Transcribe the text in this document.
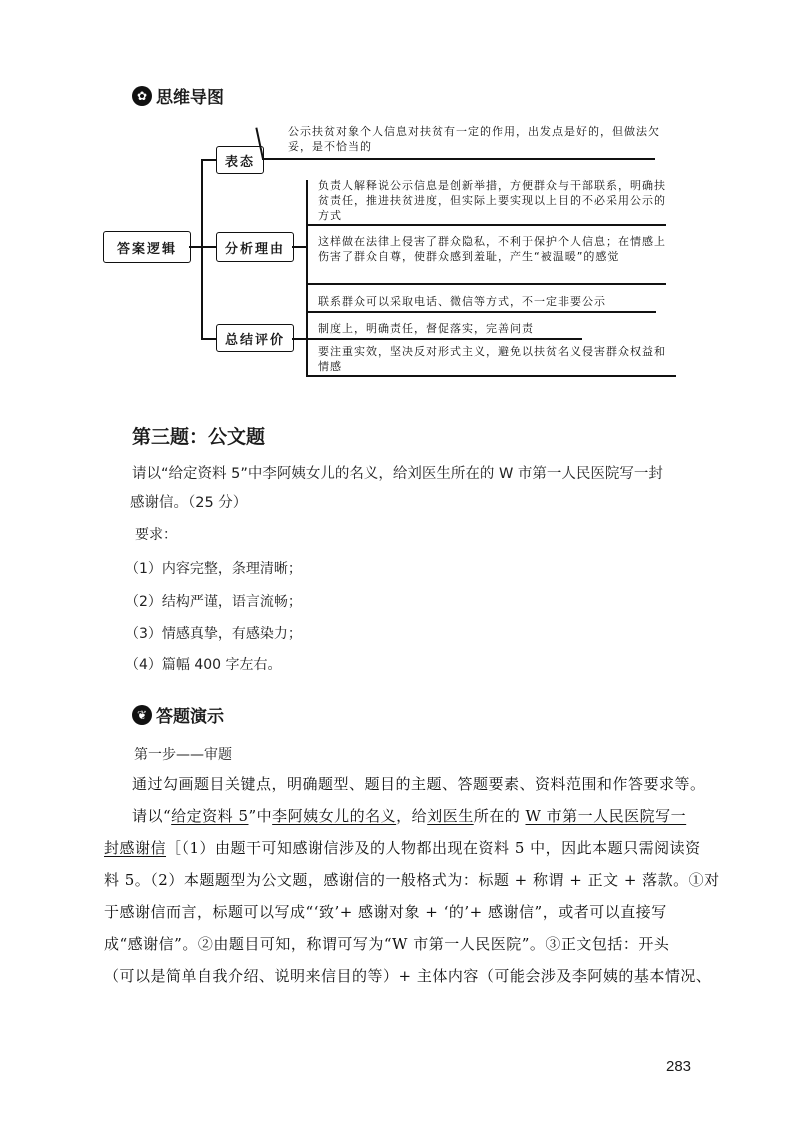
✿ 思维导图
答案逻辑
表态
分析理由
总结评价
公示扶贫对象个人信息对扶贫有一定的作用，出发点是好的，但做法欠妥，是不恰当的
负责人解释说公示信息是创新举措，方便群众与干部联系，明确扶贫责任，推进扶贫进度，但实际上要实现以上目的不必采用公示的方式
这样做在法律上侵害了群众隐私，不利于保护个人信息；在情感上伤害了群众自尊，使群众感到羞耻，产生“被温暖”的感觉
联系群众可以采取电话、微信等方式，不一定非要公示
制度上，明确责任，督促落实，完善问责
要注重实效，坚决反对形式主义，避免以扶贫名义侵害群众权益和情感
第三题：公文题
请以“给定资料 5”中李阿姨女儿的名义，给刘医生所在的 W 市第一人民医院写一封
感谢信。（25 分）
要求：
（1）内容完整，条理清晰；
（2）结构严谨，语言流畅；
（3）情感真挚，有感染力；
（4）篇幅 400 字左右。
❦ 答题演示
第一步——审题
通过勾画题目关键点，明确题型、题目的主题、答题要素、资料范围和作答要求等。
请以“给定资料 5”中李阿姨女儿的名义，给刘医生所在的 W 市第一人民医院写一
封感谢信［（1）由题干可知感谢信涉及的人物都出现在资料 5 中，因此本题只需阅读资
料 5。（2）本题题型为公文题，感谢信的一般格式为：标题 + 称谓 + 正文 + 落款。①对
于感谢信而言，标题可以写成“‘致’+ 感谢对象 + ‘的’+ 感谢信”，或者可以直接写
成“感谢信”。②由题目可知，称谓可写为“W 市第一人民医院”。③正文包括：开头
（可以是简单自我介绍、说明来信目的等）+ 主体内容（可能会涉及李阿姨的基本情况、
283
